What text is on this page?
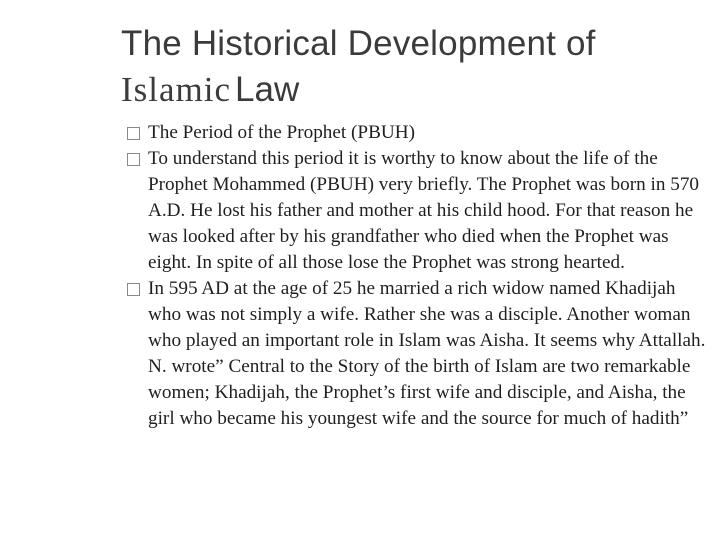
The Historical Development of
Islamic Law
The Period of the Prophet (PBUH)
To understand this period it is worthy to know about the life of the Prophet Mohammed (PBUH) very briefly. The Prophet was born in 570 A.D. He lost his father and mother at his child hood. For that reason he was looked after by his grandfather who died when the Prophet was eight. In spite of all those lose the Prophet was strong hearted.
In 595 AD at the age of 25 he married a rich widow named Khadijah who was not simply a wife. Rather she was a disciple. Another woman who played an important role in Islam was Aisha. It seems why Attallah. N. wrote” Central to the Story of the birth of Islam are two remarkable women; Khadijah, the Prophet’s first wife and disciple, and Aisha, the girl who became his youngest wife and the source for much of hadith”
